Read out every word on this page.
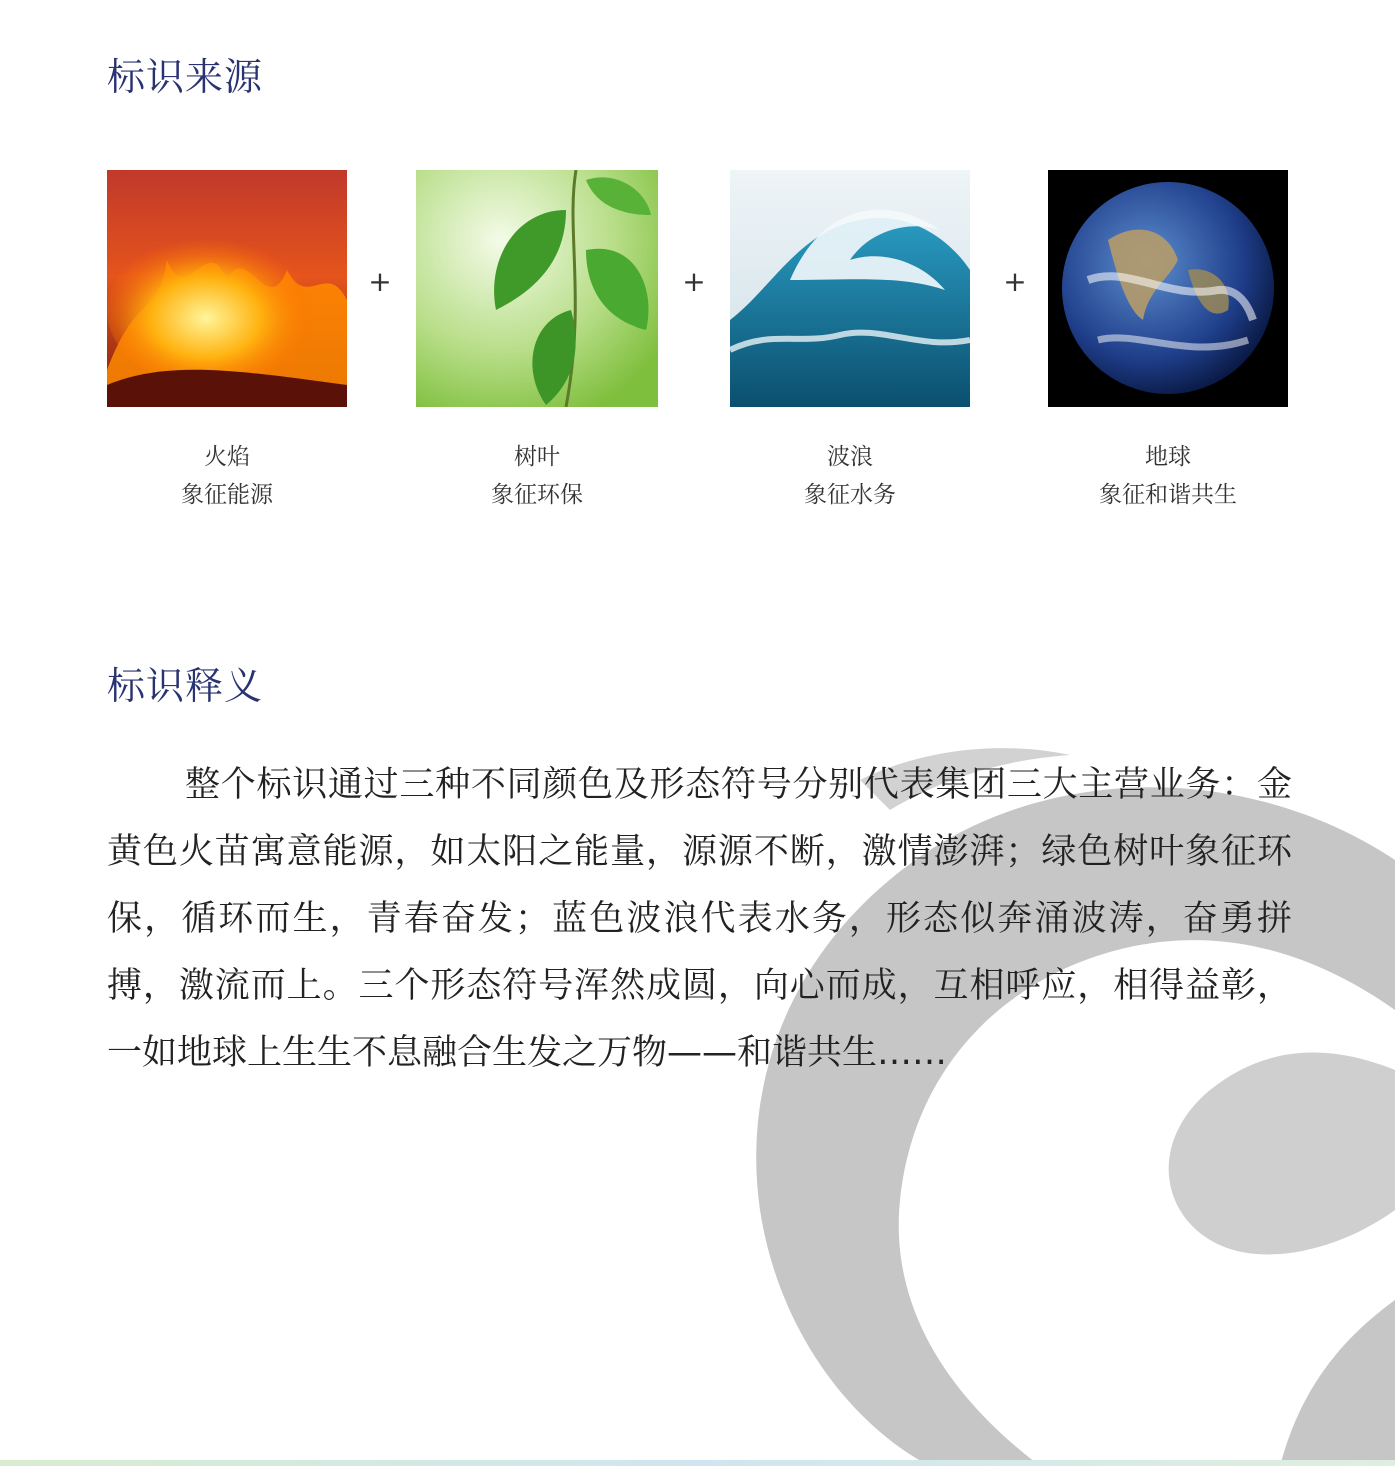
标识来源
+	+	+
火焰
象征能源
树叶
象征环保
波浪
象征水务
地球
象征和谐共生
标识释义

整个标识通过三种不同颜色及形态符号分别代表集团三大主营业务：金黄色火苗寓意能源，如太阳之能量，源源不断，激情澎湃；绿色树叶象征环保，循环而生，青春奋发；蓝色波浪代表水务，形态似奔涌波涛，奋勇拼搏，激流而上。三个形态符号浑然成圆，向心而成，互相呼应，相得益彰，一如地球上生生不息融合生发之万物——和谐共生……
